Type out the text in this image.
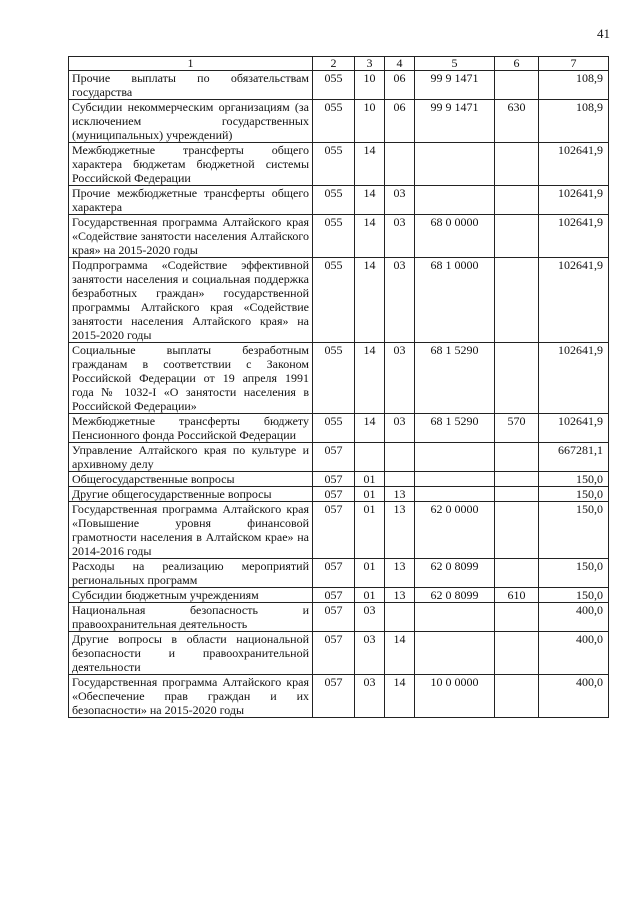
41
1	2	3	4	5	6	7
Прочие выплаты по обязательствам государства	055	10	06	99 9 1471		108,9
Субсидии некоммерческим организациям (за исключением государственных (муниципальных) учреждений)	055	10	06	99 9 1471	630	108,9
Межбюджетные трансферты общего характера бюджетам бюджетной системы Российской Федерации	055	14				102641,9
Прочие межбюджетные трансферты общего характера	055	14	03			102641,9
Государственная программа Алтайского края «Содействие занятости населения Алтайского края» на 2015-2020 годы	055	14	03	68 0 0000		102641,9
Подпрограмма «Содействие эффективной занятости населения и социальная поддержка безработных граждан» государственной программы Алтайского края «Содействие занятости населения Алтайского края» на 2015-2020 годы	055	14	03	68 1 0000		102641,9
Социальные выплаты безработным гражданам в соответствии с Законом Российской Федерации от 19 апреля 1991 года № 1032-I «О занятости населения в Российской Федерации»	055	14	03	68 1 5290		102641,9
Межбюджетные трансферты бюджету Пенсионного фонда Российской Федерации	055	14	03	68 1 5290	570	102641,9
Управление Алтайского края по культуре и архивному делу	057					667281,1
Общегосударственные вопросы	057	01				150,0
Другие общегосударственные вопросы	057	01	13			150,0
Государственная программа Алтайского края «Повышение уровня финансовой грамотности населения в Алтайском крае» на 2014-2016 годы	057	01	13	62 0 0000		150,0
Расходы на реализацию мероприятий региональных программ	057	01	13	62 0 8099		150,0
Субсидии бюджетным учреждениям	057	01	13	62 0 8099	610	150,0
Национальная безопасность и правоохранительная деятельность	057	03				400,0
Другие вопросы в области национальной безопасности и правоохранительной деятельности	057	03	14			400,0
Государственная программа Алтайского края «Обеспечение прав граждан и их безопасности» на 2015-2020 годы	057	03	14	10 0 0000		400,0
